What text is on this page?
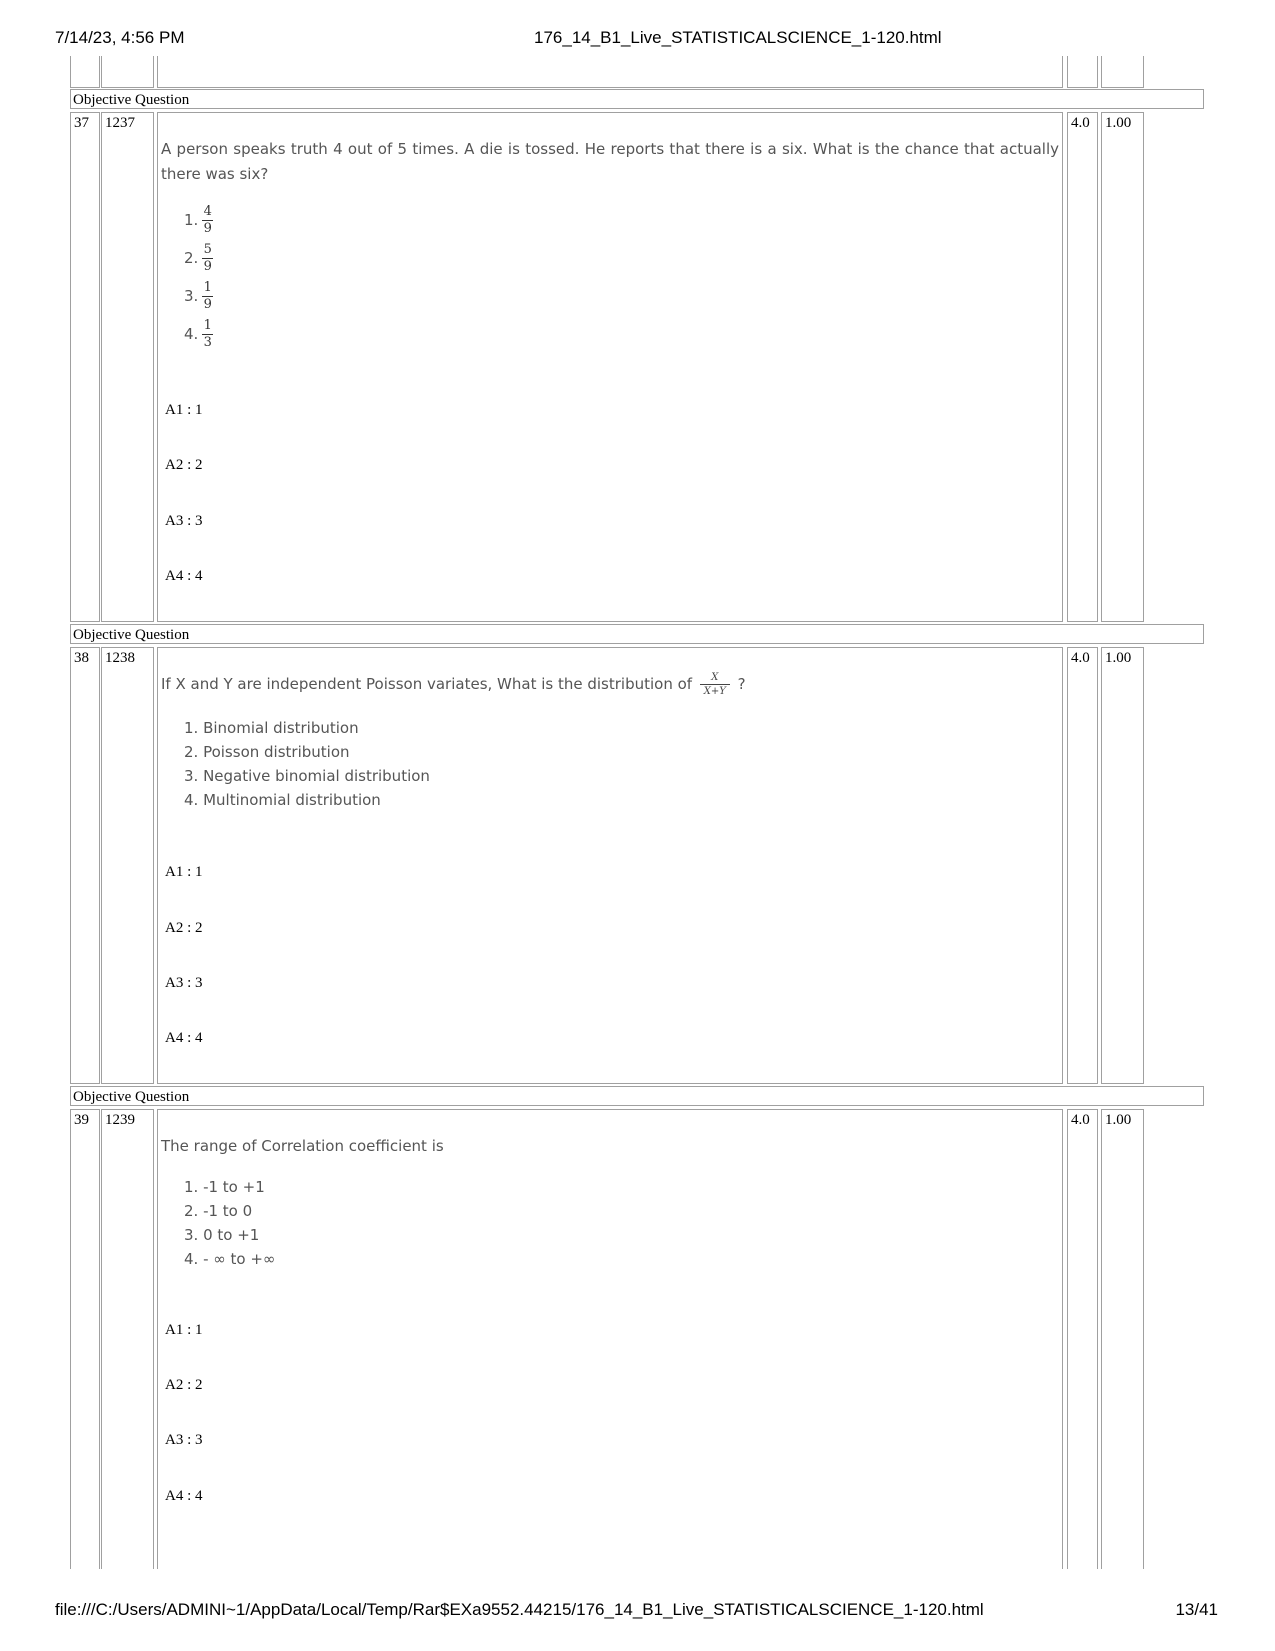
7/14/23, 4:56 PM	176_14_B1_Live_STATISTICALSCIENCE_1-120.html
Objective Question
37	1237
A person speaks truth 4 out of 5 times. A die is tossed. He reports that there is a six. What is the chance that actually there was six?
1. $\frac{4}{9}$
2. $\frac{5}{9}$
3. $\frac{1}{9}$
4. $\frac{1}{3}$
A1 : 1
A2 : 2
A3 : 3
A4 : 4
4.0	1.00
Objective Question
38	1238
If X and Y are independent Poisson variates, What is the distribution of $\frac{X}{X+Y}$ ?
1. Binomial distribution
2. Poisson distribution
3. Negative binomial distribution
4. Multinomial distribution
A1 : 1
A2 : 2
A3 : 3
A4 : 4
4.0	1.00
Objective Question
39	1239
The range of Correlation coefficient is
1. -1 to +1
2. -1 to 0
3. 0 to +1
4. - ∞ to +∞
A1 : 1
A2 : 2
A3 : 3
A4 : 4
4.0	1.00
file:///C:/Users/ADMINI~1/AppData/Local/Temp/Rar$EXa9552.44215/176_14_B1_Live_STATISTICALSCIENCE_1-120.html	13/41
